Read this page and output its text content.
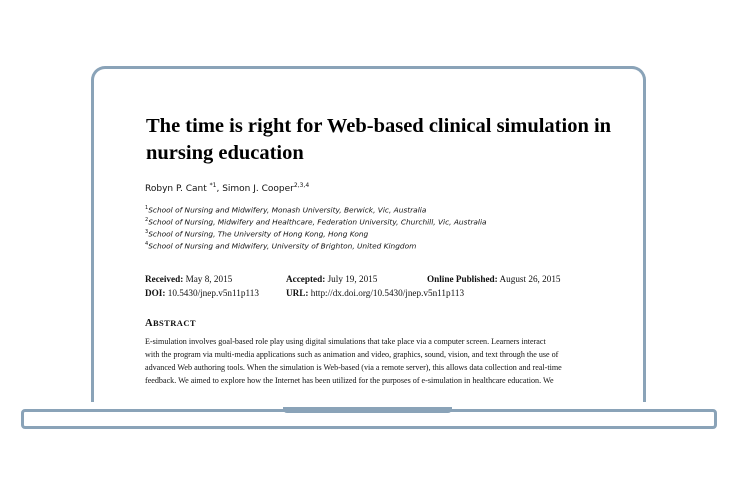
The time is right for Web-based clinical simulation in
nursing education
Robyn P. Cant $^{*1}$, Simon J. Cooper$^{2,3,4}$
$^1$School of Nursing and Midwifery, Monash University, Berwick, Vic, Australia
$^2$School of Nursing, Midwifery and Healthcare, Federation University, Churchill, Vic, Australia
$^3$School of Nursing, The University of Hong Kong, Hong Kong
$^4$School of Nursing and Midwifery, University of Brighton, United Kingdom
Received: May 8, 2015	Accepted: July 19, 2015	Online Published: August 26, 2015
DOI: 10.5430/jnep.v5n11p113	URL: http://dx.doi.org/10.5430/jnep.v5n11p113
ABSTRACT
E-simulation involves goal-based role play using digital simulations that take place via a computer screen. Learners interact
with the program via multi-media applications such as animation and video, graphics, sound, vision, and text through the use of
advanced Web authoring tools. When the simulation is Web-based (via a remote server), this allows data collection and real-time
feedback. We aimed to explore how the Internet has been utilized for the purposes of e-simulation in healthcare education. We
